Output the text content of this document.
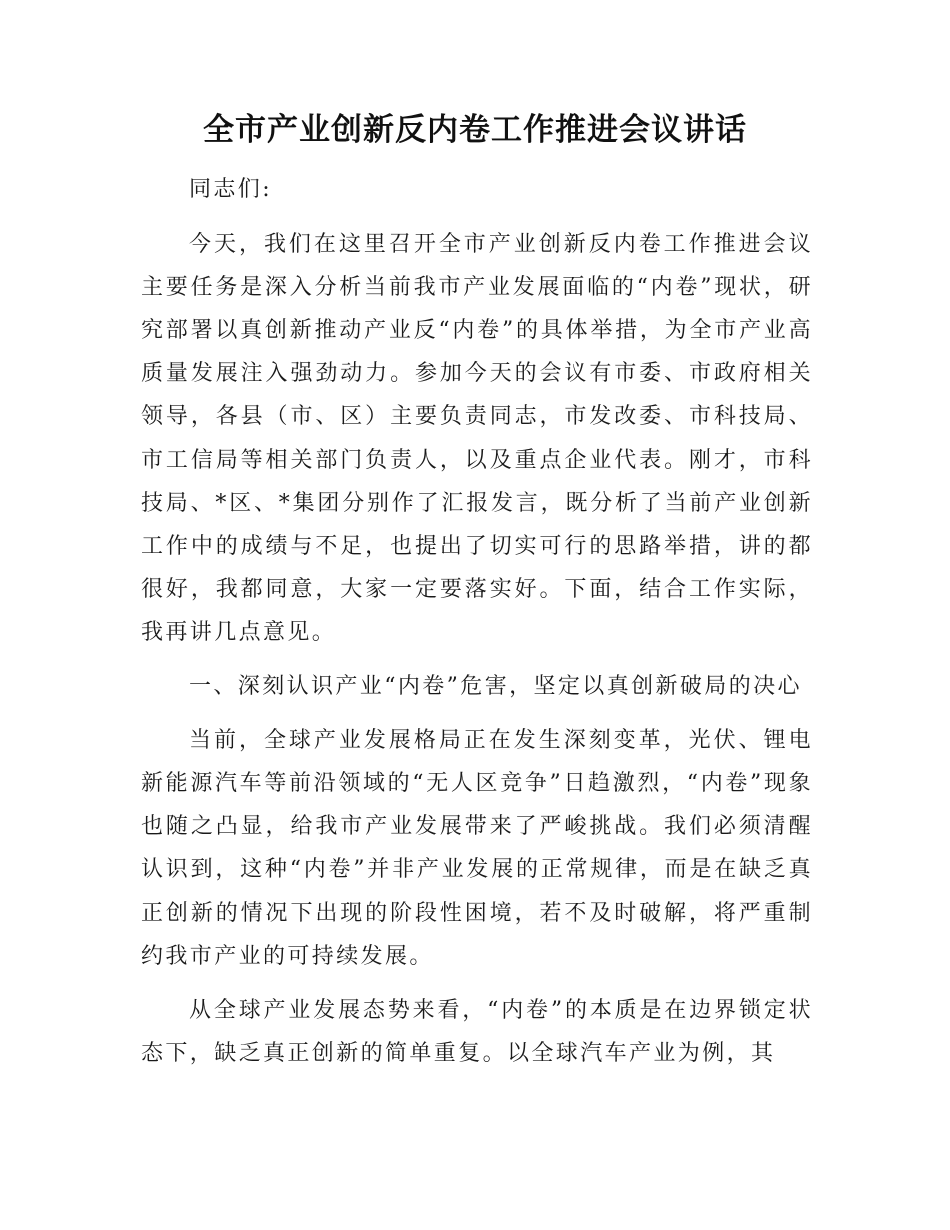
全市产业创新反内卷工作推进会议讲话

同志们:

今天，我们在这里召开全市产业创新反内卷工作推进会议主要任务是深入分析当前我市产业发展面临的“内卷”现状，研究部署以真创新推动产业反“内卷”的具体举措，为全市产业高质量发展注入强劲动力。参加今天的会议有市委、市政府相关领导，各县（市、区）主要负责同志，市发改委、市科技局、市工信局等相关部门负责人，以及重点企业代表。刚才，市科技局、*区、*集团分别作了汇报发言，既分析了当前产业创新工作中的成绩与不足，也提出了切实可行的思路举措，讲的都很好，我都同意，大家一定要落实好。下面，结合工作实际，我再讲几点意见。

一、深刻认识产业“内卷”危害，坚定以真创新破局的决心

当前，全球产业发展格局正在发生深刻变革，光伏、锂电新能源汽车等前沿领域的“无人区竞争”日趋激烈，“内卷”现象也随之凸显，给我市产业发展带来了严峻挑战。我们必须清醒认识到，这种“内卷”并非产业发展的正常规律，而是在缺乏真正创新的情况下出现的阶段性困境，若不及时破解，将严重制约我市产业的可持续发展。

从全球产业发展态势来看，“内卷”的本质是在边界锁定状态下，缺乏真正创新的简单重复。以全球汽车产业为例，其
